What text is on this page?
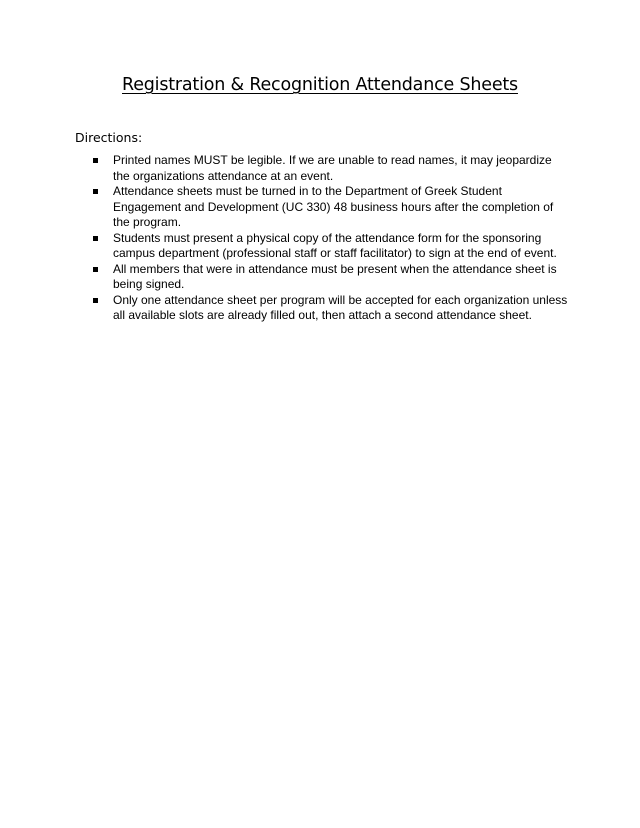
Registration & Recognition Attendance Sheets
Directions:
Printed names MUST be legible. If we are unable to read names, it may jeopardize the organizations attendance at an event.
Attendance sheets must be turned in to the Department of Greek Student Engagement and Development (UC 330) 48 business hours after the completion of the program.
Students must present a physical copy of the attendance form for the sponsoring campus department (professional staff or staff facilitator) to sign at the end of event.
All members that were in attendance must be present when the attendance sheet is being signed.
Only one attendance sheet per program will be accepted for each organization unless all available slots are already filled out, then attach a second attendance sheet.
